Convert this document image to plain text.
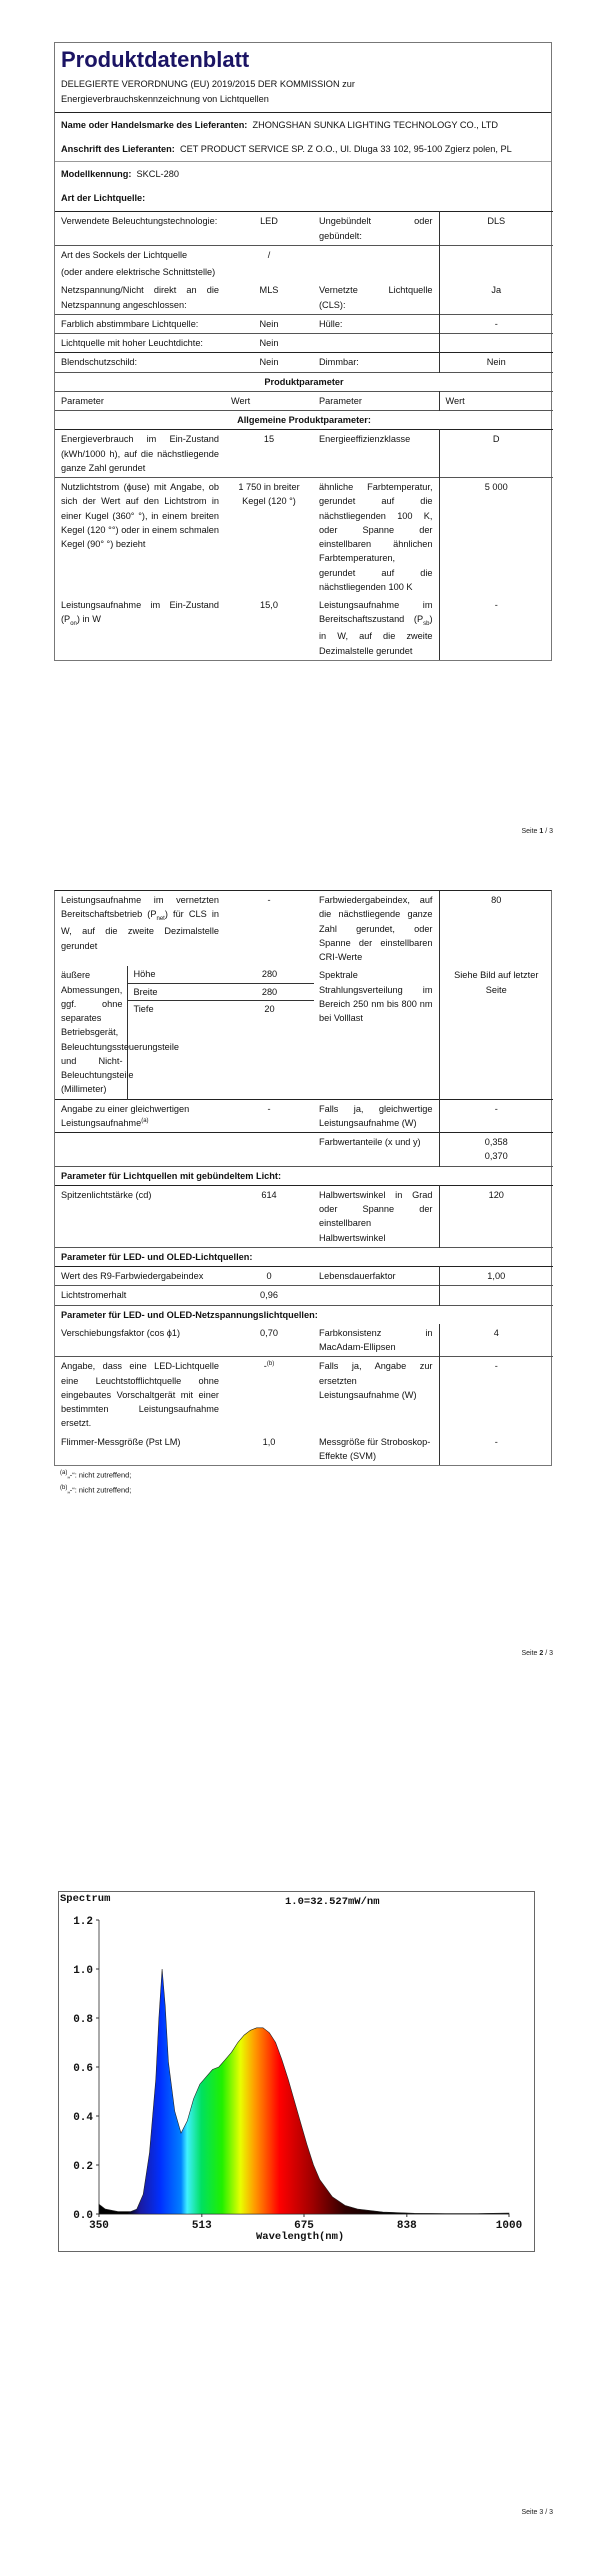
Produktdatenblatt
DELEGIERTE VERORDNUNG (EU) 2019/2015 DER KOMMISSION zur
Energieverbrauchskennzeichnung von Lichtquellen
Name oder Handelsmarke des Lieferanten: ZHONGSHAN SUNKA LIGHTING TECHNOLOGY CO., LTD
Anschrift des Lieferanten: CET PRODUCT SERVICE SP. Z O.O., Ul. Dluga 33 102, 95-100 Zgierz polen, PL
Modellkennung: SKCL-280
Art der Lichtquelle:
Verwendete Beleuchtungstechnologie:	LED	Ungebündelt oder gebündelt:	DLS

Art des Sockels der Lichtquelle
(oder andere elektrische Schnittstelle)	/		
Netzspannung/Nicht direkt an die Netzspannung angeschlossen:	MLS	Vernetzte Lichtquelle (CLS):	Ja
Farblich abstimmbare Lichtquelle:	Nein	Hülle:	-
Lichtquelle mit hoher Leuchtdichte:	Nein		
Blendschutzschild:	Nein	Dimmbar:	Nein
Produktparameter			
Parameter	Wert	Parameter	Wert
Allgemeine Produktparameter:			
Energieverbrauch im Ein-Zustand (kWh/1000 h), auf die nächstliegende ganze Zahl gerundet	15	Energieeffizienzklasse	D
Nutzlichtstrom (ϕuse) mit Angabe, ob sich der Wert auf den Lichtstrom in einer Kugel (360° °), in einem breiten Kegel (120 °°) oder in einem schmalen Kegel (90° °) bezieht	1 750 in breiter Kegel (120 °)	ähnliche Farbtemperatur, gerundet auf die nächstliegenden 100 K, oder Spanne der einstellbaren ähnlichen Farbtemperaturen, gerundet auf die nächstliegenden 100 K	5 000
Leistungsaufnahme im Ein-Zustand $(P_{on})$ in W	15,0	Leistungsaufnahme im Bereitschaftszustand $(P_{sb})$ in W, auf die zweite Dezimalstelle gerundet	-
Seite 1 / 3
Leistungsaufnahme im vernetzten Bereitschaftsbetrieb $(P_{net})$ für CLS in W, auf die zweite Dezimalstelle gerundet	-	Farbwiedergabeindex, auf die nächstliegende ganze Zahl gerundet, oder Spanne der einstellbaren CRI-Werte	80
äußere Abmessungen, ggf. ohne separates Betriebsgerät, Beleuchtungssteuerungsteile und Nicht-Beleuchtungsteile (Millimeter)	
Höhe	280
Breite	280
Tiefe	20
	Spektrale Strahlungsverteilung im Bereich 250 nm bis 800 nm bei Volllast	Siehe Bild auf letzter Seite
Angabe zu einer gleichwertigen Leistungsaufnahme$^{(a)}$	-	Falls ja, gleichwertige Leistungsaufnahme (W)	-
		Farbwertanteile (x und y)	0,358
0,370

Parameter für Lichtquellen mit gebündeltem Licht:
Spitzenlichtstärke (cd)	614	Halbwertswinkel in Grad oder Spanne der einstellbaren Halbwertswinkel	120
Parameter für LED- und OLED-Lichtquellen:
Wert des R9-Farbwiedergabeindex	0	Lebensdauerfaktor	1,00
Lichtstromerhalt	0,96		
Parameter für LED- und OLED-Netzspannungslichtquellen:
Verschiebungsfaktor (cos ϕ1)	0,70	Farbkonsistenz in MacAdam-Ellipsen	4
Angabe, dass eine LED-Lichtquelle eine Leuchtstofflichtquelle ohne eingebautes Vorschaltgerät mit einer bestimmten Leistungsaufnahme ersetzt.	-$^{(b)}$	Falls ja, Angabe zur ersetzten Leistungsaufnahme (W)	-
Flimmer-Messgröße (Pst LM)	1,0	Messgröße für Stroboskop-Effekte (SVM)	-
$^{(a)}$„-“: nicht zutreffend;
$^{(b)}$„-“: nicht zutreffend;
Seite 2 / 3
Spectrum	1.0=32.527mW/nm
0.0
0.2
0.4
0.6
0.8
1.0
1.2
350	513	675	838	1000
Wavelength(nm)
Seite 3 / 3
